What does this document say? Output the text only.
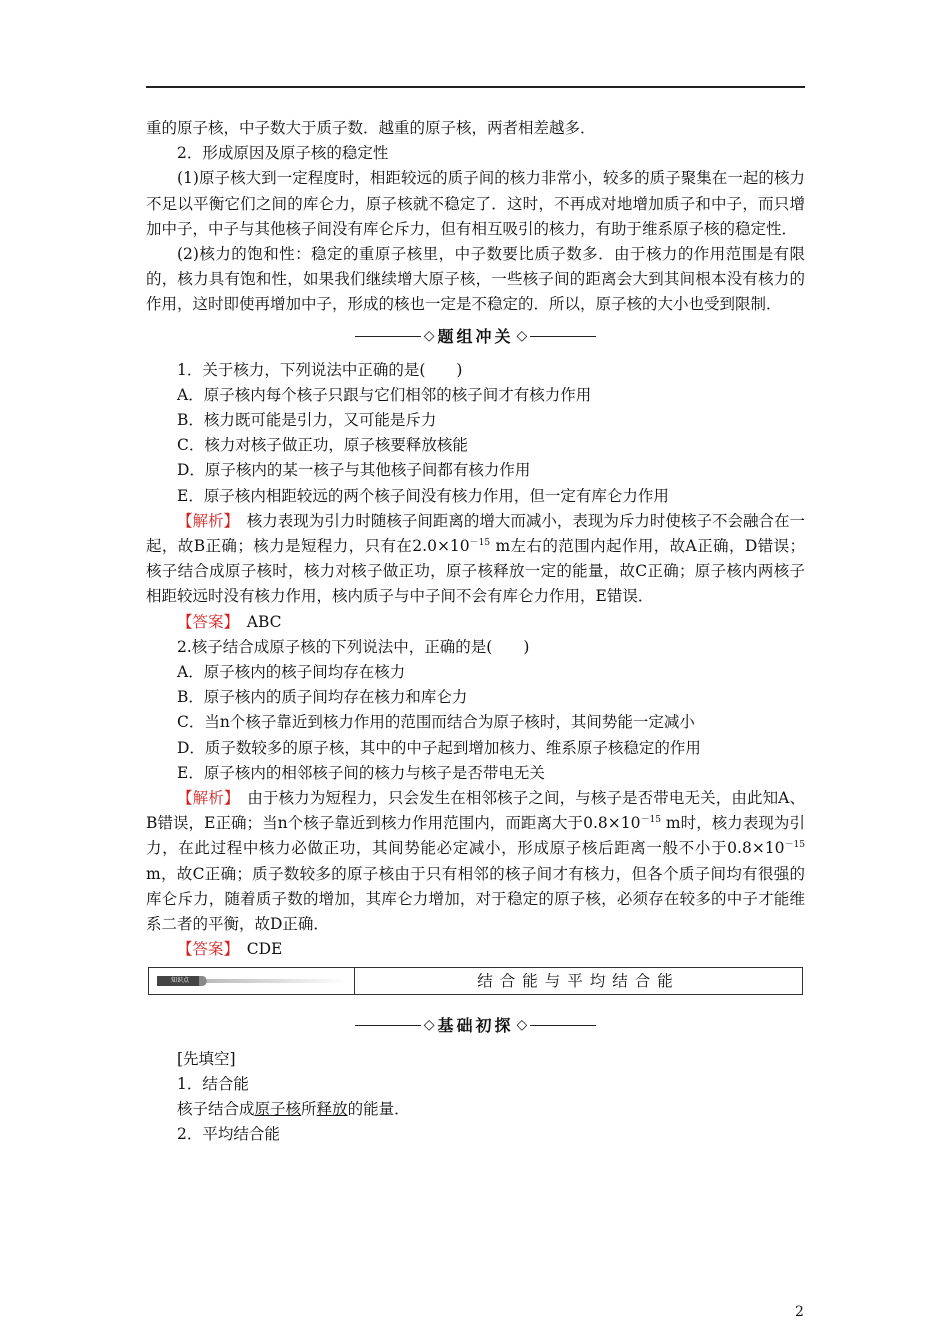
重的原子核，中子数大于质子数．越重的原子核，两者相差越多．

2．形成原因及原子核的稳定性

(1)原子核大到一定程度时，相距较远的质子间的核力非常小，较多的质子聚集在一起的核力不足以平衡它们之间的库仑力，原子核就不稳定了．这时，不再成对地增加质子和中子，而只增加中子，中子与其他核子间没有库仑斥力，但有相互吸引的核力，有助于维系原子核的稳定性．

(2)核力的饱和性：稳定的重原子核里，中子数要比质子数多．由于核力的作用范围是有限的，核力具有饱和性，如果我们继续增大原子核，一些核子间的距离会大到其间根本没有核力的作用，这时即使再增加中子，形成的核也一定是不稳定的．所以，原子核的大小也受到限制．

◇ 题组冲关 ◇

1．关于核力，下列说法中正确的是(　　)

A．原子核内每个核子只跟与它们相邻的核子间才有核力作用

B．核力既可能是引力，又可能是斥力

C．核力对核子做正功，原子核要释放核能

D．原子核内的某一核子与其他核子间都有核力作用

E．原子核内相距较远的两个核子间没有核力作用，但一定有库仑力作用

【解析】　核力表现为引力时随核子间距离的增大而减小，表现为斥力时使核子不会融合在一起，故B正确；核力是短程力，只有在$2.0\times 10^{-15}$ m左右的范围内起作用，故A正确，D错误；核子结合成原子核时，核力对核子做正功，原子核释放一定的能量，故C正确；原子核内两核子相距较远时没有核力作用，核内质子与中子间不会有库仑力作用，E错误．

【答案】　ABC

2.核子结合成原子核的下列说法中，正确的是(　　)

A．原子核内的核子间均存在核力

B．原子核内的质子间均存在核力和库仑力

C．当n个核子靠近到核力作用的范围而结合为原子核时，其间势能一定减小

D．质子数较多的原子核，其中的中子起到增加核力、维系原子核稳定的作用

E．原子核内的相邻核子间的核力与核子是否带电无关

【解析】　由于核力为短程力，只会发生在相邻核子之间，与核子是否带电无关，由此知A、B错误，E正确；当n个核子靠近到核力作用范围内，而距离大于$0.8\times 10^{-15}$ m时，核力表现为引力，在此过程中核力必做正功，其间势能必定减小，形成原子核后距离一般不小于$0.8\times 10^{-15}$ m，故C正确；质子数较多的原子核由于只有相邻的核子间才有核力，但各个质子间均有很强的库仑斥力，随着质子数的增加，其库仑力增加，对于稳定的原子核，必须存在较多的中子才能维系二者的平衡，故D正确．

【答案】　CDE

知识点	结合能与平均结合能
◇ 基础初探 ◇

[先填空]

1．结合能

核子结合成原子核所释放的能量．

2．平均结合能

2
